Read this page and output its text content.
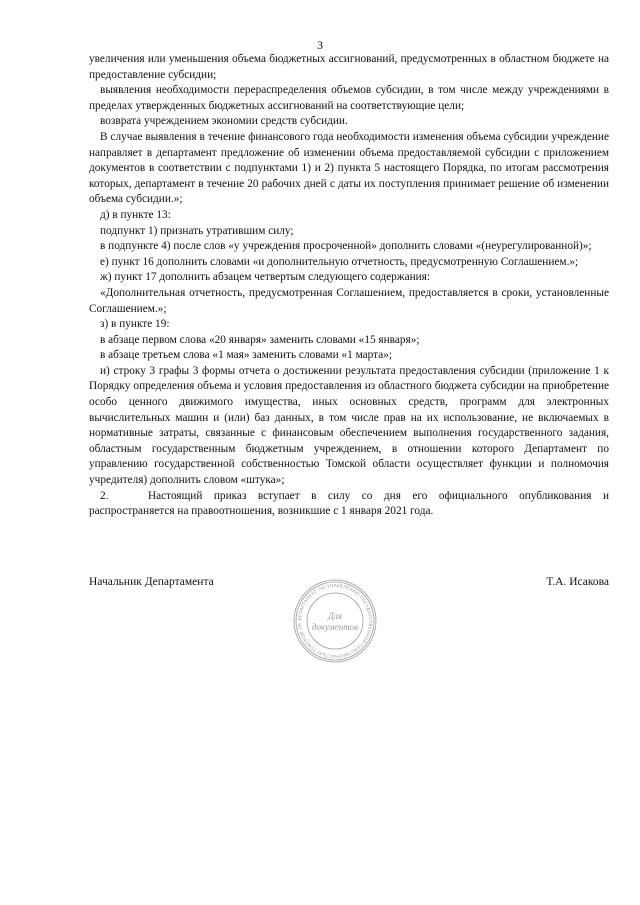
3

увеличения или уменьшения объема бюджетных ассигнований, предусмотренных в областном бюджете на предоставление субсидии;

выявления необходимости перераспределения объемов субсидии, в том числе между учреждениями в пределах утвержденных бюджетных ассигнований на соответствующие цели;

возврата учреждением экономии средств субсидии.

В случае выявления в течение финансового года необходимости изменения объема субсидии учреждение направляет в департамент предложение об изменении объема предоставляемой субсидии с приложением документов в соответствии с подпунктами 1) и 2) пункта 5 настоящего Порядка, по итогам рассмотрения которых, департамент в течение 20 рабочих дней с даты их поступления принимает решение об изменении объема субсидии.»;

д) в пункте 13:

подпункт 1) признать утратившим силу;

в подпункте 4) после слов «у учреждения просроченной» дополнить словами «(неурегулированной)»;

е) пункт 16 дополнить словами «и дополнительную отчетность, предусмотренную Соглашением.»;

ж) пункт 17 дополнить абзацем четвертым следующего содержания:

«Дополнительная отчетность, предусмотренная Соглашением, предоставляется в сроки, установленные Соглашением.»;

з) в пункте 19:

в абзаце первом слова «20 января» заменить словами «15 января»;

в абзаце третьем слова «1 мая» заменить словами «1 марта»;

и) строку 3 графы 3 формы отчета о достижении результата предоставления субсидии (приложение 1 к Порядку определения объема и условия предоставления из областного бюджета субсидии на приобретение особо ценного движимого имущества, иных основных средств, программ для электронных вычислительных машин и (или) баз данных, в том числе прав на их использование, не включаемых в нормативные затраты, связанные с финансовым обеспечением выполнения государственного задания, областным государственным бюджетным учреждением, в отношении которого Департамент по управлению государственной собственностью Томской области осуществляет функции и полномочия учредителя) дополнить словом «штука»;

2.	Настоящий приказ вступает в силу со дня его официального опубликования и распространяется на правоотношения, возникшие с 1 января 2021 года.

Начальник Департамента	Т.А. Исакова
ДЕПАРТАМЕНТ ПО УПРАВЛЕНИЮ ГОСУДАРСТВЕННОЙ СОБСТВЕННОСТЬЮ ТОМСКОЙ ОБ
Для
документов
